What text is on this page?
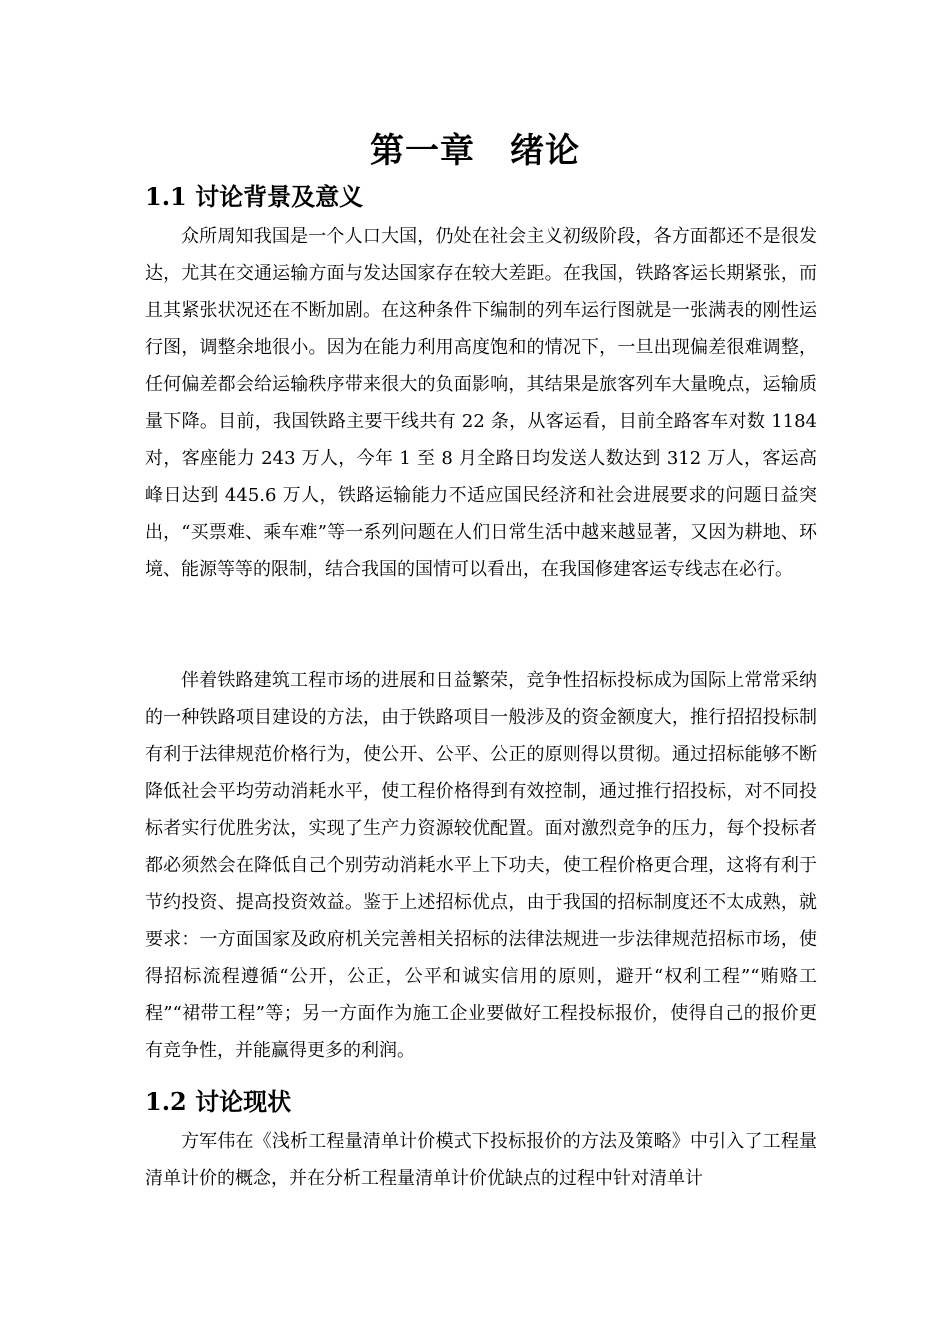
第一章　绪论
1.1 讨论背景及意义

众所周知我国是一个人口大国，仍处在社会主义初级阶段，各方面都还不是很发达，尤其在交通运输方面与发达国家存在较大差距。在我国，铁路客运长期紧张，而且其紧张状况还在不断加剧。在这种条件下编制的列车运行图就是一张满表的刚性运行图，调整余地很小。因为在能力利用高度饱和的情况下，一旦出现偏差很难调整，任何偏差都会给运输秩序带来很大的负面影响，其结果是旅客列车大量晚点，运输质量下降。目前，我国铁路主要干线共有 22 条，从客运看，目前全路客车对数 1184 对，客座能力 243 万人，今年 1 至 8 月全路日均发送人数达到 312 万人，客运高峰日达到 445.6 万人，铁路运输能力不适应国民经济和社会进展要求的问题日益突出，“买票难、乘车难”等一系列问题在人们日常生活中越来越显著，又因为耕地、环境、能源等等的限制，结合我国的国情可以看出，在我国修建客运专线志在必行。

伴着铁路建筑工程市场的进展和日益繁荣，竞争性招标投标成为国际上常常采纳的一种铁路项目建设的方法，由于铁路项目一般涉及的资金额度大，推行招招投标制有利于法律规范价格行为，使公开、公平、公正的原则得以贯彻。通过招标能够不断降低社会平均劳动消耗水平，使工程价格得到有效控制，通过推行招投标，对不同投标者实行优胜劣汰，实现了生产力资源较优配置。面对激烈竞争的压力，每个投标者都必须然会在降低自己个别劳动消耗水平上下功夫，使工程价格更合理，这将有利于节约投资、提高投资效益。鉴于上述招标优点，由于我国的招标制度还不太成熟，就要求：一方面国家及政府机关完善相关招标的法律法规进一步法律规范招标市场，使得招标流程遵循“公开，公正，公平和诚实信用的原则，避开“权利工程”“贿赂工程”“裙带工程”等；另一方面作为施工企业要做好工程投标报价，使得自己的报价更有竞争性，并能赢得更多的利润。

1.2 讨论现状

方军伟在《浅析工程量清单计价模式下投标报价的方法及策略》中引入了工程量清单计价的概念，并在分析工程量清单计价优缺点的过程中针对清单计
